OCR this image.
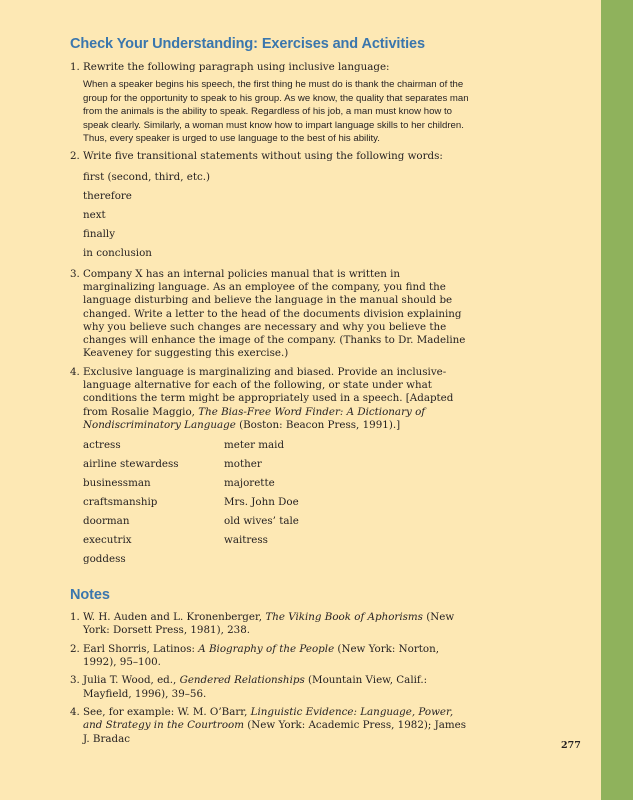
Check Your Understanding: Exercises and Activities
1. Rewrite the following paragraph using inclusive language:
When a speaker begins his speech, the first thing he must do is thank the chairman of the group for the opportunity to speak to his group. As we know, the quality that separates man from the animals is the ability to speak. Regardless of his job, a man must know how to speak clearly. Similarly, a woman must know how to impart language skills to her children. Thus, every speaker is urged to use language to the best of his ability.
2. Write five transitional statements without using the following words:
first (second, third, etc.)
therefore
next
finally
in conclusion
3. Company X has an internal policies manual that is written in marginalizing language. As an employee of the company, you find the language disturbing and believe the language in the manual should be changed. Write a letter to the head of the documents division explaining why you believe such changes are necessary and why you believe the changes will enhance the image of the company. (Thanks to Dr. Madeline Keaveney for suggesting this exercise.)
4. Exclusive language is marginalizing and biased. Provide an inclusive-language alternative for each of the following, or state under what conditions the term might be appropriately used in a speech. [Adapted from Rosalie Maggio, The Bias-Free Word Finder: A Dictionary of Nondiscriminatory Language (Boston: Beacon Press, 1991).]
actress
airline stewardess
businessman
craftsmanship
doorman
executrix
goddess
meter maid
mother
majorette
Mrs. John Doe
old wives’ tale
waitress
Notes
1. W. H. Auden and L. Kronenberger, The Viking Book of Aphorisms (New York: Dorsett Press, 1981), 238.
2. Earl Shorris, Latinos: A Biography of the People (New York: Norton, 1992), 95–100.
3. Julia T. Wood, ed., Gendered Relationships (Mountain View, Calif.: Mayfield, 1996), 39–56.
4. See, for example: W. M. O’Barr, Linguistic Evidence: Language, Power, and Strategy in the Courtroom (New York: Academic Press, 1982); James J. Bradac
277
